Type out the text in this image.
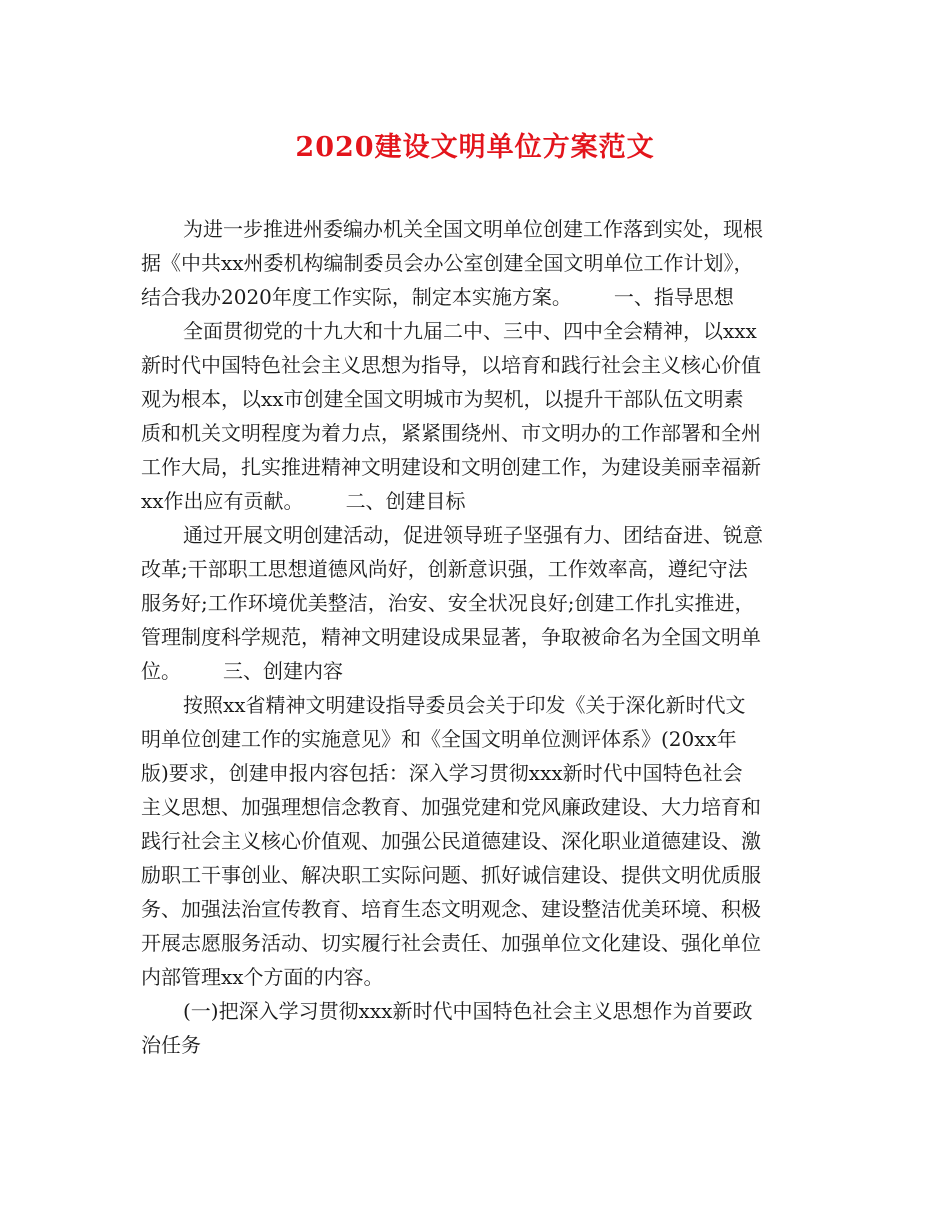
2020建设文明单位方案范文
为进一步推进州委编办机关全国文明单位创建工作落到实处，现根
据《中共xx州委机构编制委员会办公室创建全国文明单位工作计划》，
结合我办2020年度工作实际，制定本实施方案。 一、指导思想
全面贯彻党的十九大和十九届二中、三中、四中全会精神，以xxx
新时代中国特色社会主义思想为指导，以培育和践行社会主义核心价值
观为根本，以xx市创建全国文明城市为契机，以提升干部队伍文明素
质和机关文明程度为着力点，紧紧围绕州、市文明办的工作部署和全州
工作大局，扎实推进精神文明建设和文明创建工作，为建设美丽幸福新
xx作出应有贡献。 二、创建目标
通过开展文明创建活动，促进领导班子坚强有力、团结奋进、锐意
改革;干部职工思想道德风尚好，创新意识强，工作效率高，遵纪守法
服务好;工作环境优美整洁，治安、安全状况良好;创建工作扎实推进，
管理制度科学规范，精神文明建设成果显著，争取被命名为全国文明单
位。 三、创建内容
按照xx省精神文明建设指导委员会关于印发《关于深化新时代文
明单位创建工作的实施意见》和《全国文明单位测评体系》(20xx年
版)要求，创建申报内容包括：深入学习贯彻xxx新时代中国特色社会
主义思想、加强理想信念教育、加强党建和党风廉政建设、大力培育和
践行社会主义核心价值观、加强公民道德建设、深化职业道德建设、激
励职工干事创业、解决职工实际问题、抓好诚信建设、提供文明优质服
务、加强法治宣传教育、培育生态文明观念、建设整洁优美环境、积极
开展志愿服务活动、切实履行社会责任、加强单位文化建设、强化单位
内部管理xx个方面的内容。
(一)把深入学习贯彻xxx新时代中国特色社会主义思想作为首要政
治任务
